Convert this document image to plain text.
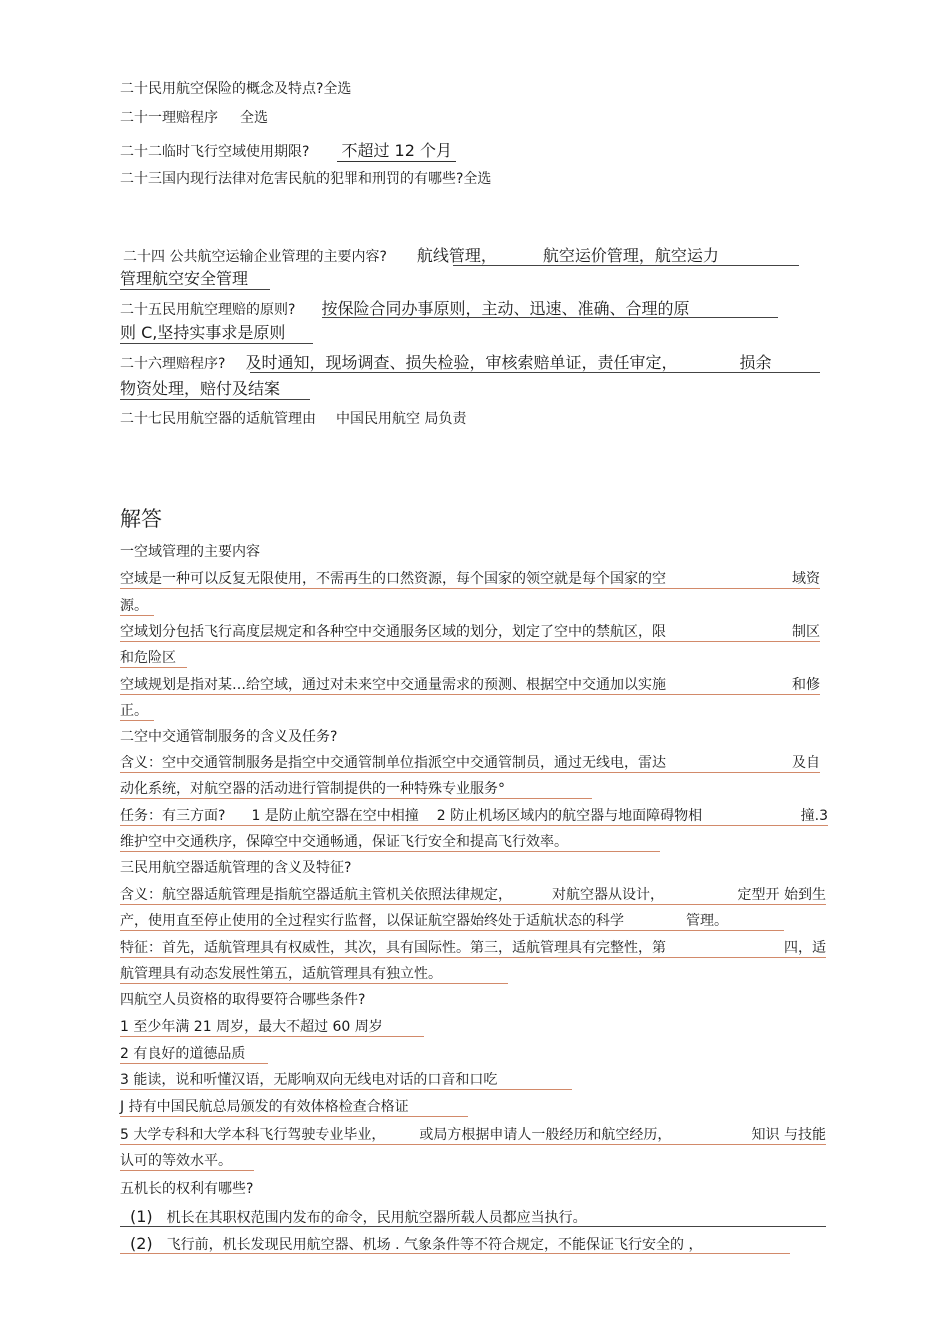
二十民用航空保险的概念及特点?全选
二十一理赔程序 全选
二十二临时飞行空域使用期限? 不超过 12 个月
二十三国内现行法律对危害民航的犯罪和刑罚的有哪些?全选
二十四 公共航空运输企业管理的主要内容? 航线管理，	航空运价管理，航空运力
管理航空安全管理
二十五民用航空理赔的原则? 按保险合同办事原则，主动、迅速、准确、合理的原
则 C,坚持实事求是原则
二十六理赔程序? 及时通知，现场调查、损失检验，审核索赔单证，责任审定，	损余
物资处理，赔付及结案
二十七民用航空器的适航管理由 中国民用航空 局负责
解答
一空域管理的主要内容
空域是一种可以反复无限使用，不需再生的口然资源，每个国家的领空就是每个国家的空	域资
源。
空域划分包括飞行高度层规定和各种空中交通服务区域的划分，划定了空中的禁航区，限	制区
和危险区
空域规划是指对某…给空域，通过对未来空中交通量需求的预测、根据空中交通加以实施	和修
正。
二空中交通管制服务的含义及任务?
含义：空中交通管制服务是指空中交通管制单位指派空中交通管制员，通过无线电，雷达	及自
动化系统，对航空器的活动进行管制提供的一种特殊专业服务°
任务：有三方面? 1 是防止航空器在空中相撞 2 防止机场区域内的航空器与地面障碍物相	撞.3
维护空中交通秩序，保障空中交通畅通，保证飞行安全和提高飞行效率。
三民用航空器适航管理的含义及特征?
含义：航空器适航管理是指航空器适航主管机关依照法律规定，	对航空器从设计，	定型开 始到生
产，使用直至停止使用的全过程实行监督，以保证航空器始终处于适航状态的科学	管理。
特征：首先，适航管理具有权威性，其次，具有国际性。第三，适航管理具有完整性，第	四，适
航管理具有动态发展性第五，适航管理具有独立性。
四航空人员资格的取得要符合哪些条件?
1 至少年满 21 周岁，最大不超过 60 周岁
2 有良好的道德品质
3 能读，说和听懂汉语，无彫响双向无线电对话的口音和口吃
J 持有中国民航总局颁发的有效体格检查合格证
5 大学专科和大学本科飞行驾驶专业毕业， 或局方根据申请人一般经历和航空经历，	知识 与技能
认可的等效水平。
五机长的权利有哪些?
(1) 机长在其职权范围内发布的命令，民用航空器所载人员都应当执行。
(2) 飞行前，机长发现民用航空器、机场 . 气象条件等不符合规定，不能保证飞行安全的 ，
